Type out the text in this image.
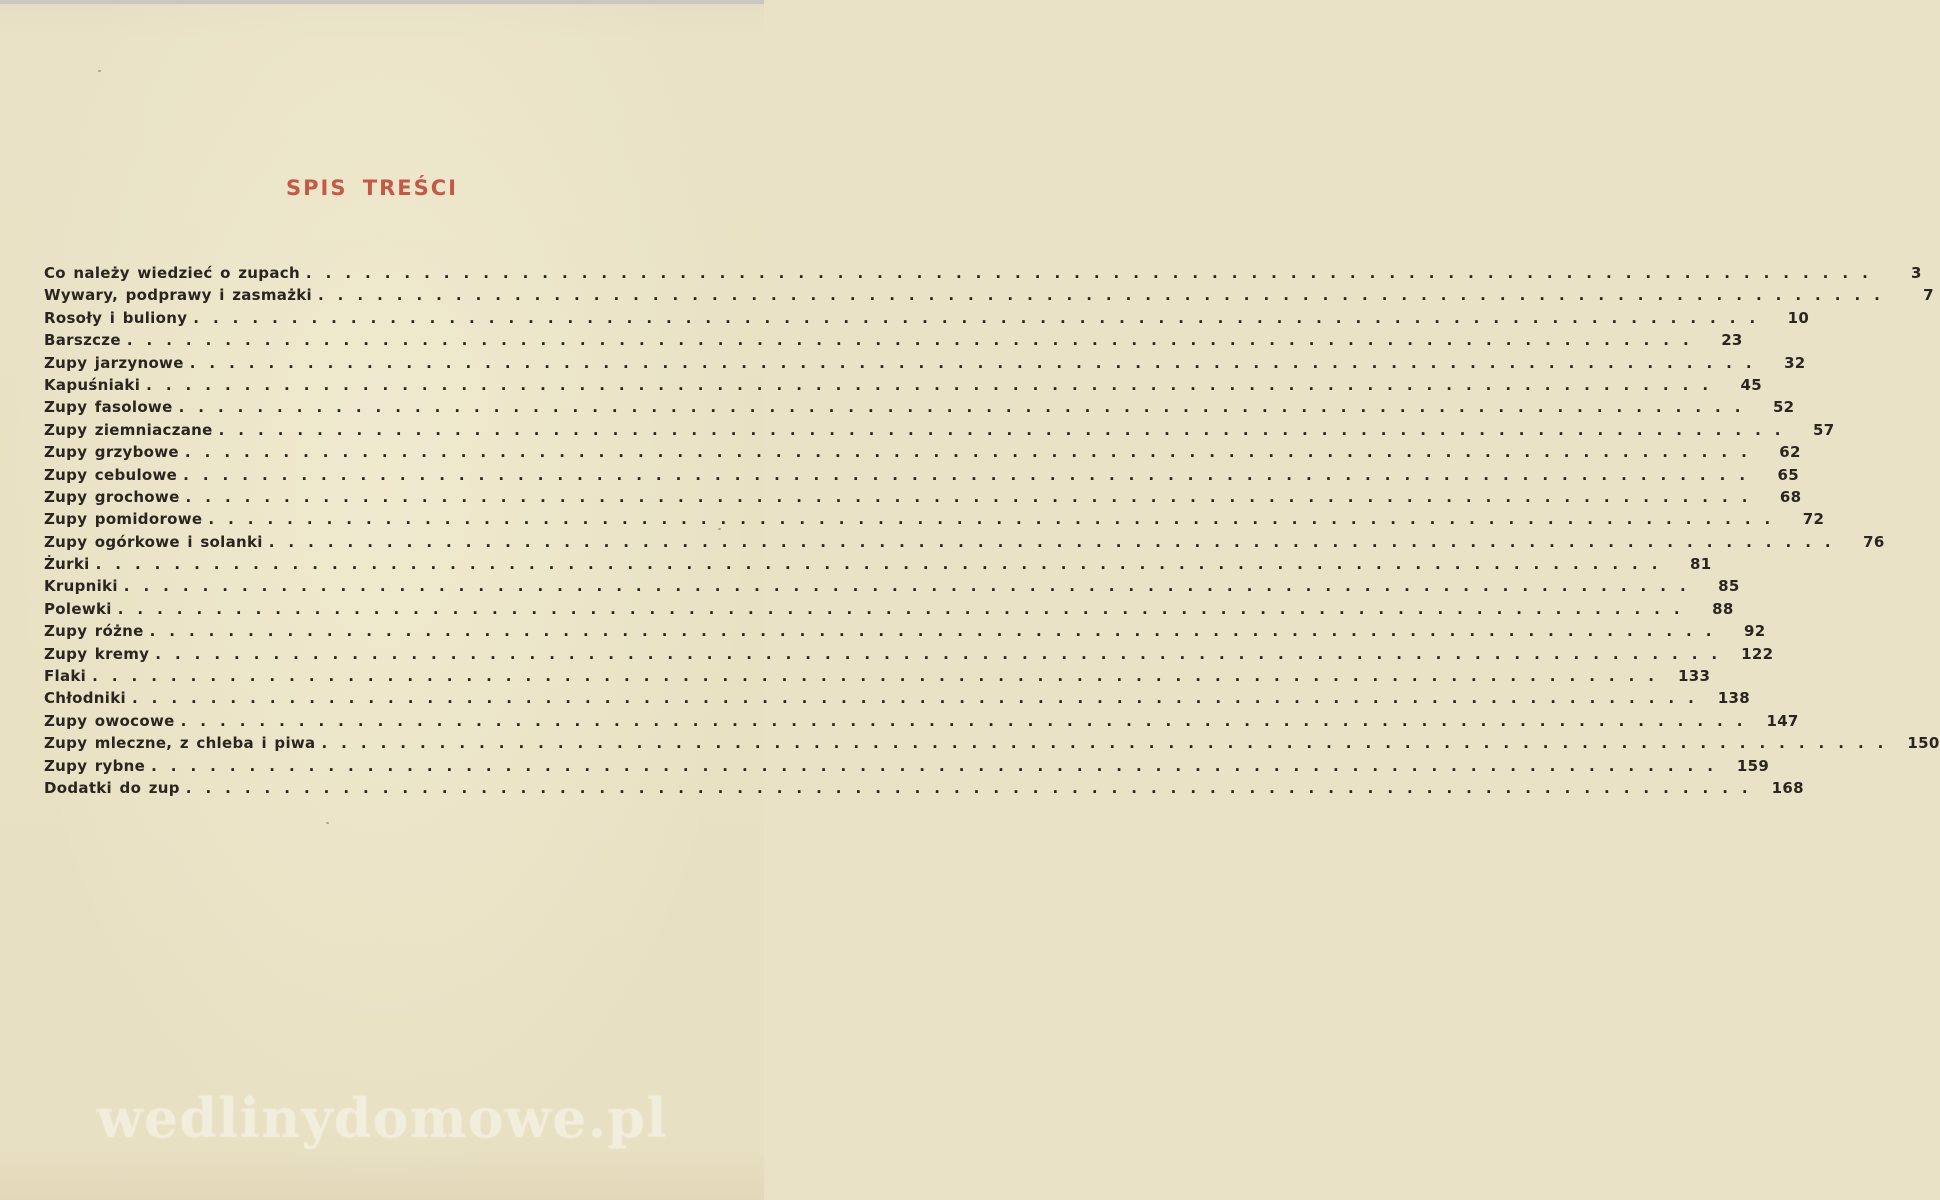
SPIS TREŚCI
Co należy wiedzieć o zupach ................................................................................	3
Wywary, podprawy i zasmażki ................................................................................	7
Rosoły i buliony ................................................................................	10
Barszcze ................................................................................	23
Zupy jarzynowe ................................................................................	32
Kapuśniaki ................................................................................	45
Zupy fasolowe ................................................................................	52
Zupy ziemniaczane ................................................................................	57
Zupy grzybowe ................................................................................	62
Zupy cebulowe ................................................................................	65
Zupy grochowe ................................................................................	68
Zupy pomidorowe ................................................................................	72
Zupy ogórkowe i solanki ................................................................................	76
Żurki ................................................................................	81
Krupniki ................................................................................	85
Polewki ................................................................................	88
Zupy różne ................................................................................	92
Zupy kremy ................................................................................ 122
Flaki ................................................................................ 133
Chłodniki ................................................................................ 138
Zupy owocowe ................................................................................ 147
Zupy mleczne, z chleba i piwa ................................................................................ 150
Zupy rybne ................................................................................ 159
Dodatki do zup ................................................................................ 168

wedlinydomowe.pl
